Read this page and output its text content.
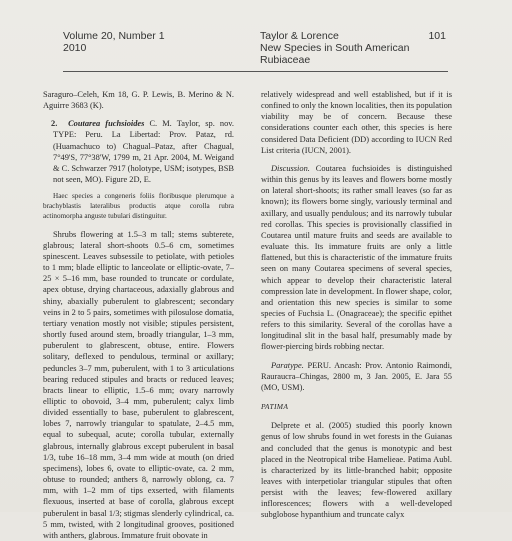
Volume 20, Number 1
2010
Taylor & Lorence	101
New Species in South American Rubiaceae

Saraguro–Celeh, Km 18, G. P. Lewis, B. Merino & N. Aguirre 3683 (K).

2. Coutarea fuchsioides C. M. Taylor, sp. nov. TYPE: Peru. La Libertad: Prov. Pataz, rd. (Huamachuco to) Chagual–Pataz, after Chagual, 7°49'S, 77°38'W, 1799 m, 21 Apr. 2004, M. Weigand & C. Schwarzer 7917 (holotype, USM; isotypes, BSB not seen, MO). Figure 2D, E.

Haec species a congeneris foliis floribusque plerumque a brachyblastis lateralibus productis atque corolla rubra actinomorpha anguste tubulari distinguitur.

Shrubs flowering at 1.5–3 m tall; stems subterete, glabrous; lateral short-shoots 0.5–6 cm, sometimes spinescent. Leaves subsessile to petiolate, with petioles to 1 mm; blade elliptic to lanceolate or elliptic-ovate, 7–25 × 5–16 mm, base rounded to truncate or cordulate, apex obtuse, drying chartaceous, adaxially glabrous and shiny, abaxially puberulent to glabrescent; secondary veins in 2 to 5 pairs, sometimes with pilosulose domatia, tertiary venation mostly not visible; stipules persistent, shortly fused around stem, broadly triangular, 1–3 mm, puberulent to glabrescent, obtuse, entire. Flowers solitary, deflexed to pendulous, terminal or axillary; peduncles 3–7 mm, puberulent, with 1 to 3 articulations bearing reduced stipules and bracts or reduced leaves; bracts linear to elliptic, 1.5–6 mm; ovary narrowly elliptic to obovoid, 3–4 mm, puberulent; calyx limb divided essentially to base, puberulent to glabrescent, lobes 7, narrowly triangular to spatulate, 2–4.5 mm, equal to subequal, acute; corolla tubular, externally glabrous, internally glabrous except puberulent in basal 1/3, tube 16–18 mm, 3–4 mm wide at mouth (on dried specimens), lobes 6, ovate to elliptic-ovate, ca. 2 mm, obtuse to rounded; anthers 8, narrowly oblong, ca. 7 mm, with 1–2 mm of tips exserted, with filaments flexuous, inserted at base of corolla, glabrous except puberulent in basal 1/3; stigmas slenderly cylindrical, ca. 5 mm, twisted, with 2 longitudinal grooves, positioned with anthers, glabrous. Immature fruit obovate in

relatively widespread and well established, but if it is confined to only the known localities, then its population viability may be of concern. Because these considerations counter each other, this species is here considered Data Deficient (DD) according to IUCN Red List criteria (IUCN, 2001).

Discussion. Coutarea fuchsioides is distinguished within this genus by its leaves and flowers borne mostly on lateral short-shoots; its rather small leaves (so far as known); its flowers borne singly, variously terminal and axillary, and usually pendulous; and its narrowly tubular red corollas. This species is provisionally classified in Coutarea until mature fruits and seeds are available to evaluate this. Its immature fruits are only a little flattened, but this is characteristic of the immature fruits seen on many Coutarea specimens of several species, which appear to develop their characteristic lateral compression late in development. In flower shape, color, and orientation this new species is similar to some species of Fuchsia L. (Onagraceae); the specific epithet refers to this similarity. Several of the corollas have a longitudinal slit in the basal half, presumably made by flower-piercing birds robbing nectar.

Paratype. PERU. Ancash: Prov. Antonio Raimondi, Rauraucra–Chingas, 2800 m, 3 Jan. 2005, E. Jara 55 (MO, USM).

PATIMA

Delprete et al. (2005) studied this poorly known genus of low shrubs found in wet forests in the Guianas and concluded that the genus is monotypic and best placed in the Neotropical tribe Hamelieae. Patima Aubl. is characterized by its little-branched habit; opposite leaves with interpetiolar triangular stipules that often persist with the leaves; few-flowered axillary inflorescences; flowers with a well-developed subglobose hypanthium and truncate calyx
